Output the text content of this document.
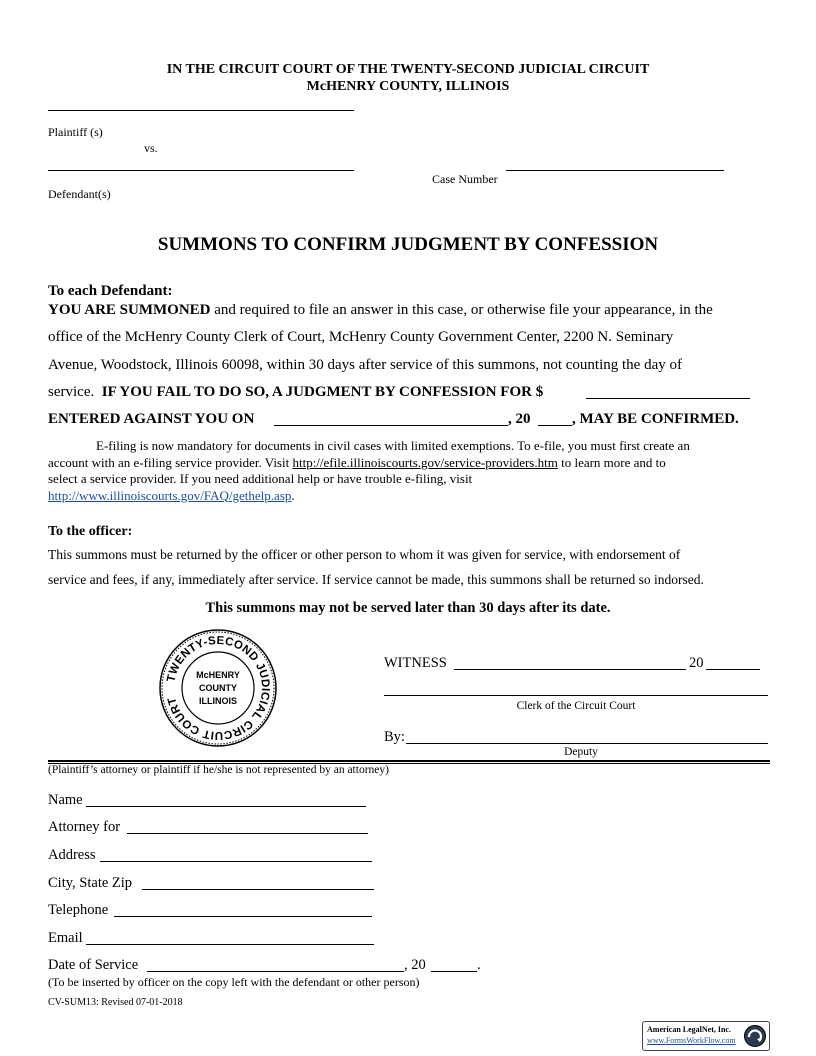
IN THE CIRCUIT COURT OF THE TWENTY-SECOND JUDICIAL CIRCUIT
McHENRY COUNTY, ILLINOIS
Plaintiff (s)
vs.
Defendant(s)
Case Number
SUMMONS TO CONFIRM JUDGMENT BY CONFESSION
To each Defendant:
YOU ARE SUMMONED and required to file an answer in this case, or otherwise file your appearance, in the
office of the McHenry County Clerk of Court, McHenry County Government Center, 2200 N. Seminary
Avenue, Woodstock, Illinois 60098, within 30 days after service of this summons, not counting the day of
service. IF YOU FAIL TO DO SO, A JUDGMENT BY CONFESSION FOR $
ENTERED AGAINST YOU ON	, 20	, MAY BE CONFIRMED.
E-filing is now mandatory for documents in civil cases with limited exemptions. To e-file, you must first create an
account with an e-filing service provider. Visit http://efile.illinoiscourts.gov/service-providers.htm to learn more and to
select a service provider. If you need additional help or have trouble e-filing, visit
http://www.illinoiscourts.gov/FAQ/gethelp.asp.
To the officer:
This summons must be returned by the officer or other person to whom it was given for service, with endorsement of
service and fees, if any, immediately after service. If service cannot be made, this summons shall be returned so indorsed.
This summons may not be served later than 30 days after its date.
TWENTY-SECOND JUDICIAL CIRCUIT COURT
McHENRY
COUNTY
ILLINOIS
WITNESS	20
Clerk of the Circuit Court
By:
Deputy
(Plaintiff’s attorney or plaintiff if he/she is not represented by an attorney)
Name
Attorney for
Address
City, State Zip
Telephone
Email
Date of Service	, 20	.
(To be inserted by officer on the copy left with the defendant or other person)
CV-SUM13: Revised 07-01-2018
American LegalNet, Inc.
www.FormsWorkFlow.com
